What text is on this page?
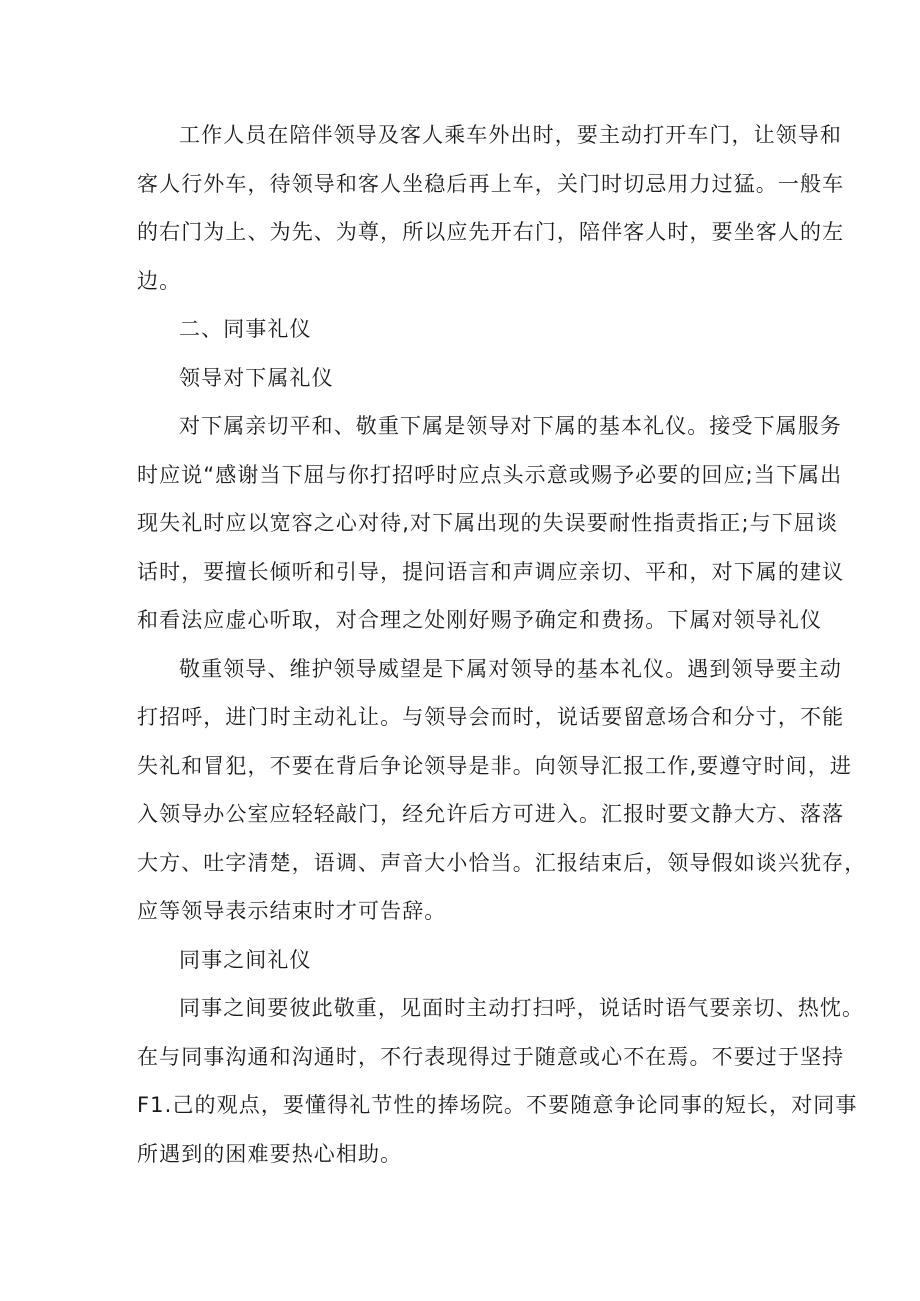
工作人员在陪伴领导及客人乘车外出时，要主动打开车门，让领导和
客人行外车，待领导和客人坐稳后再上车，关门时切忌用力过猛。一般车
的右门为上、为先、为尊，所以应先开右门，陪伴客人时，要坐客人的左
边。
二、同事礼仪
领导对下属礼仪
对下属亲切平和、敬重下属是领导对下属的基本礼仪。接受下属服务
时应说“感谢当下屈与你打招呼时应点头示意或赐予必要的回应;当下属出
现失礼时应以宽容之心对待,对下属出现的失误要耐性指责指正;与下屈谈
话时，要擅长倾听和引导，提问语言和声调应亲切、平和，对下属的建议
和看法应虚心听取，对合理之处刚好赐予确定和费扬。下属对领导礼仪
敬重领导、维护领导威望是下属对领导的基本礼仪。遇到领导要主动
打招呼，进门时主动礼让。与领导会而时，说话要留意场合和分寸，不能
失礼和冒犯，不要在背后争论领导是非。向领导汇报工作,要遵守时间，进
入领导办公室应轻轻敲门，经允许后方可进入。汇报时要文静大方、落落
大方、吐字清楚，语调、声音大小恰当。汇报结束后，领导假如谈兴犹存，
应等领导表示结束时才可告辞。
同事之间礼仪
同事之间要彼此敬重，见面时主动打扫呼，说话时语气要亲切、热忱。
在与同事沟通和沟通时，不行表现得过于随意或心不在焉。不要过于坚持
F1.己的观点，要懂得礼节性的捧场院。不要随意争论同事的短长，对同事
所遇到的困难要热心相助。
